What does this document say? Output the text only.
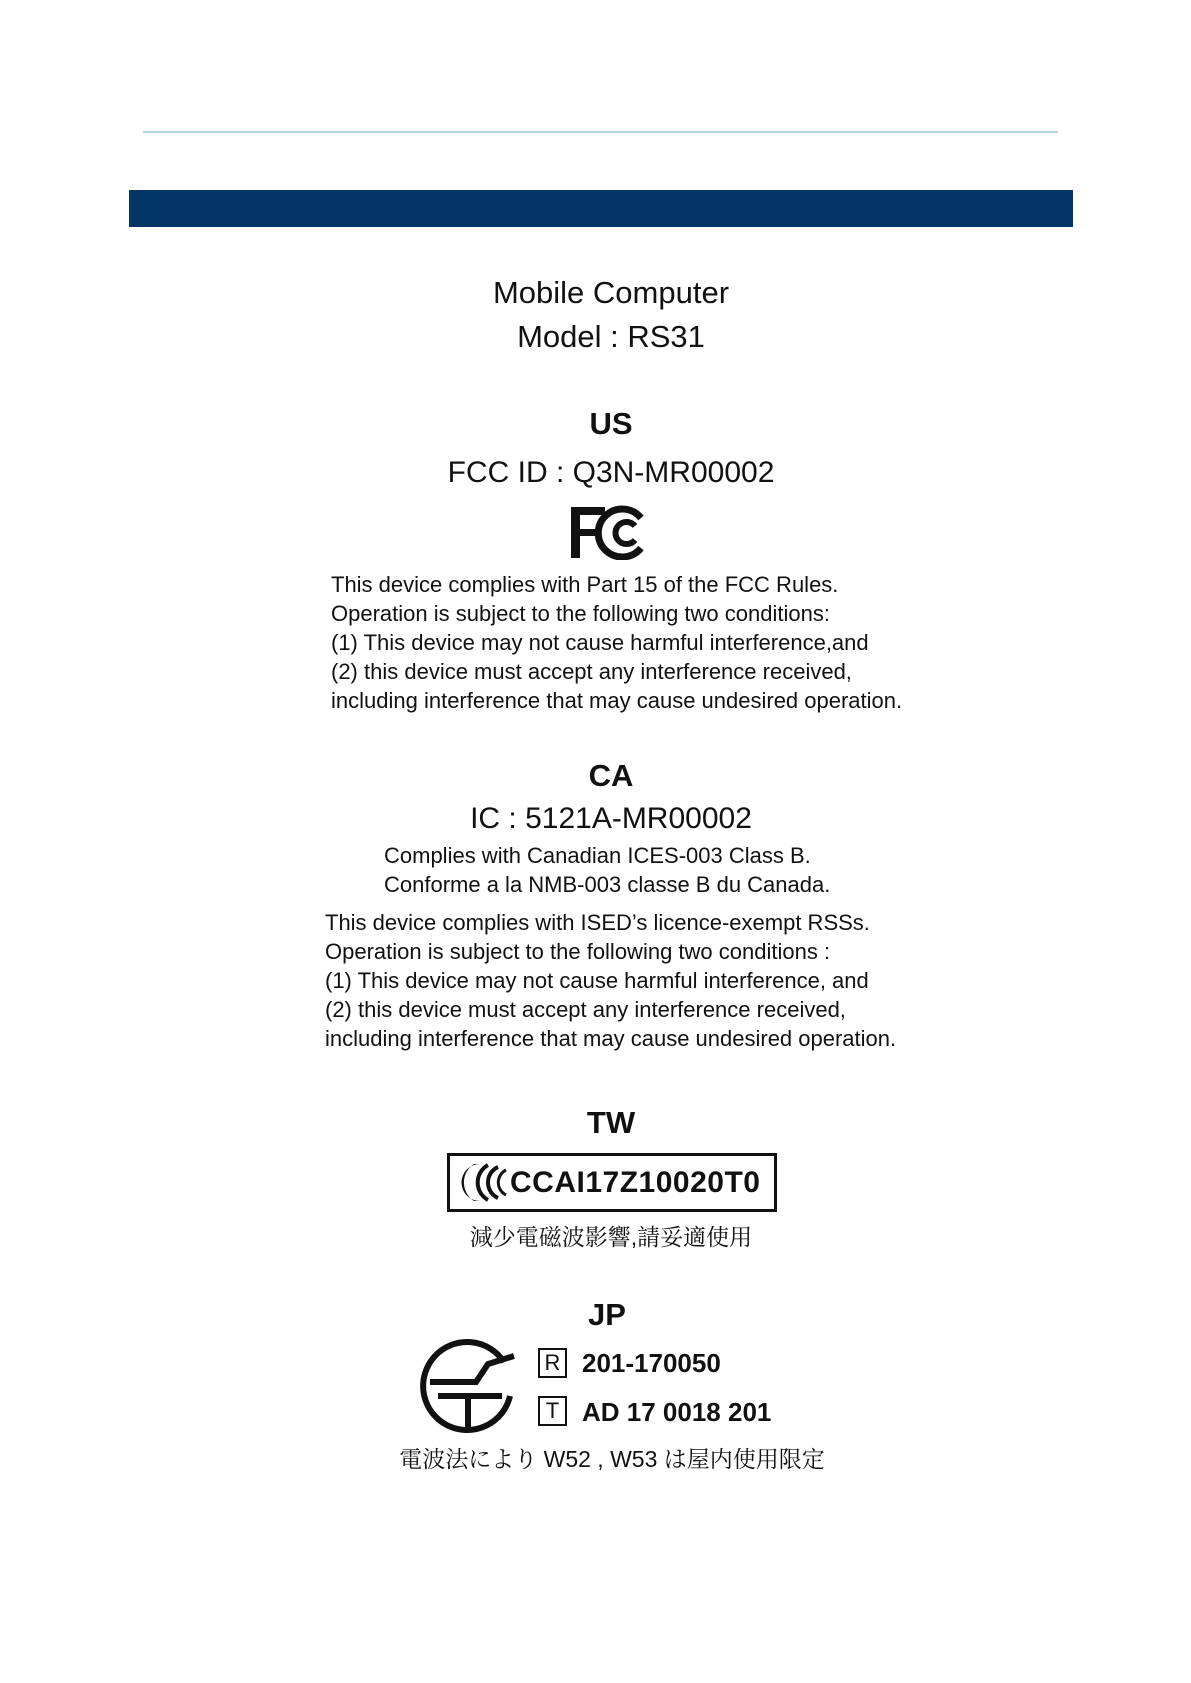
Mobile Computer
Model : RS31
US
FCC ID : Q3N-MR00002
This device complies with Part 15 of the FCC Rules.
Operation is subject to the following two conditions:
(1) This device may not cause harmful interference,and
(2) this device must accept any interference received,
including interference that may cause undesired operation.
CA
IC : 5121A-MR00002
Complies with Canadian ICES-003 Class B.
Conforme a la NMB-003 classe B du Canada.
This device complies with ISED’s licence-exempt RSSs.
Operation is subject to the following two conditions :
(1) This device may not cause harmful interference, and
(2) this device must accept any interference received,
including interference that may cause undesired operation.
TW
CCAI17Z10020T0
減少電磁波影響,請妥適使用
JP
R 201-170050
T AD 17 0018 201
電波法により W52 , W53 は屋内使用限定
